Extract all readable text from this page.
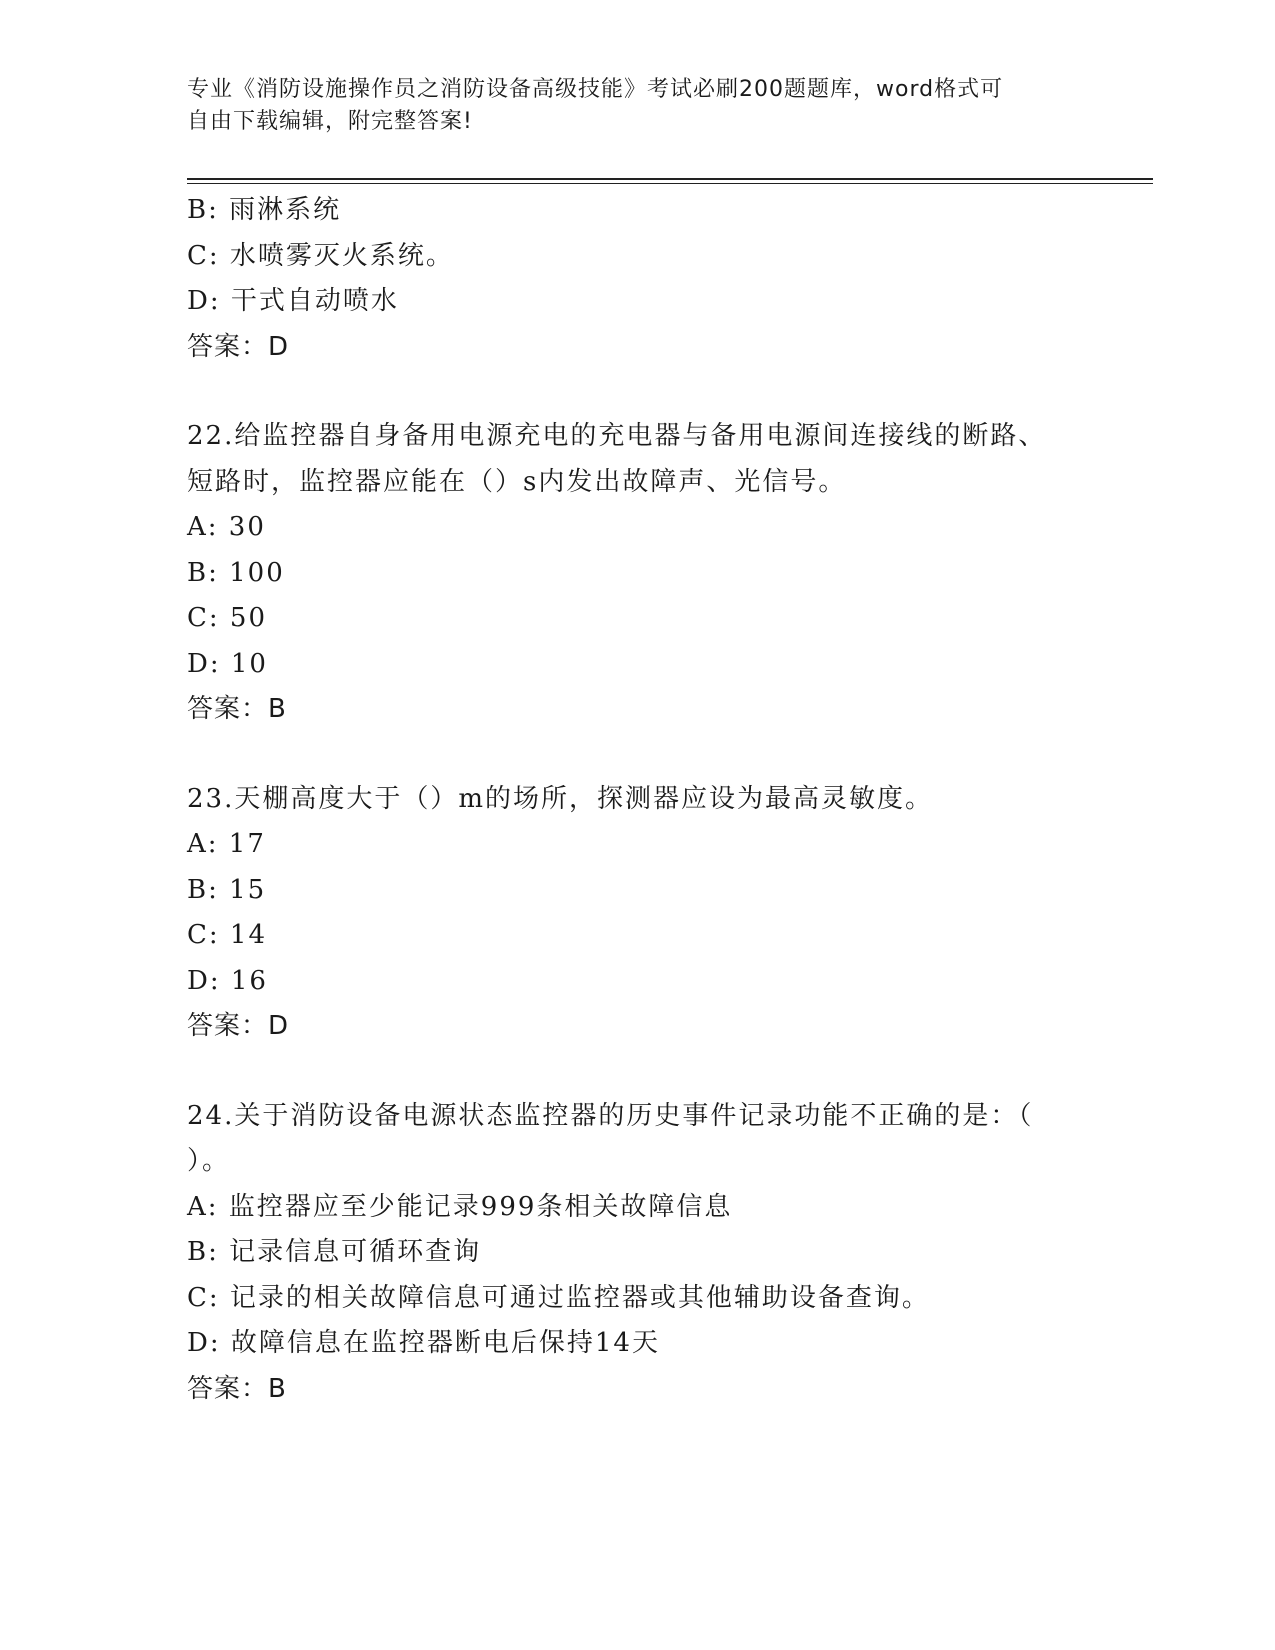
专业《消防设施操作员之消防设备高级技能》考试必刷200题题库，word格式可
自由下载编辑，附完整答案!
B: 雨淋系统
C: 水喷雾灭火系统。
D: 干式自动喷水
答案：D
22.给监控器自身备用电源充电的充电器与备用电源间连接线的断路、
短路时，监控器应能在（）s内发出故障声、光信号。
A: 30
B: 100
C: 50
D: 10
答案：B
23.天棚高度大于（）m的场所，探测器应设为最高灵敏度。
A: 17
B: 15
C: 14
D: 16
答案：D
24.关于消防设备电源状态监控器的历史事件记录功能不正确的是：（
）。
A: 监控器应至少能记录999条相关故障信息
B: 记录信息可循环查询
C: 记录的相关故障信息可通过监控器或其他辅助设备查询。
D: 故障信息在监控器断电后保持14天
答案：B
